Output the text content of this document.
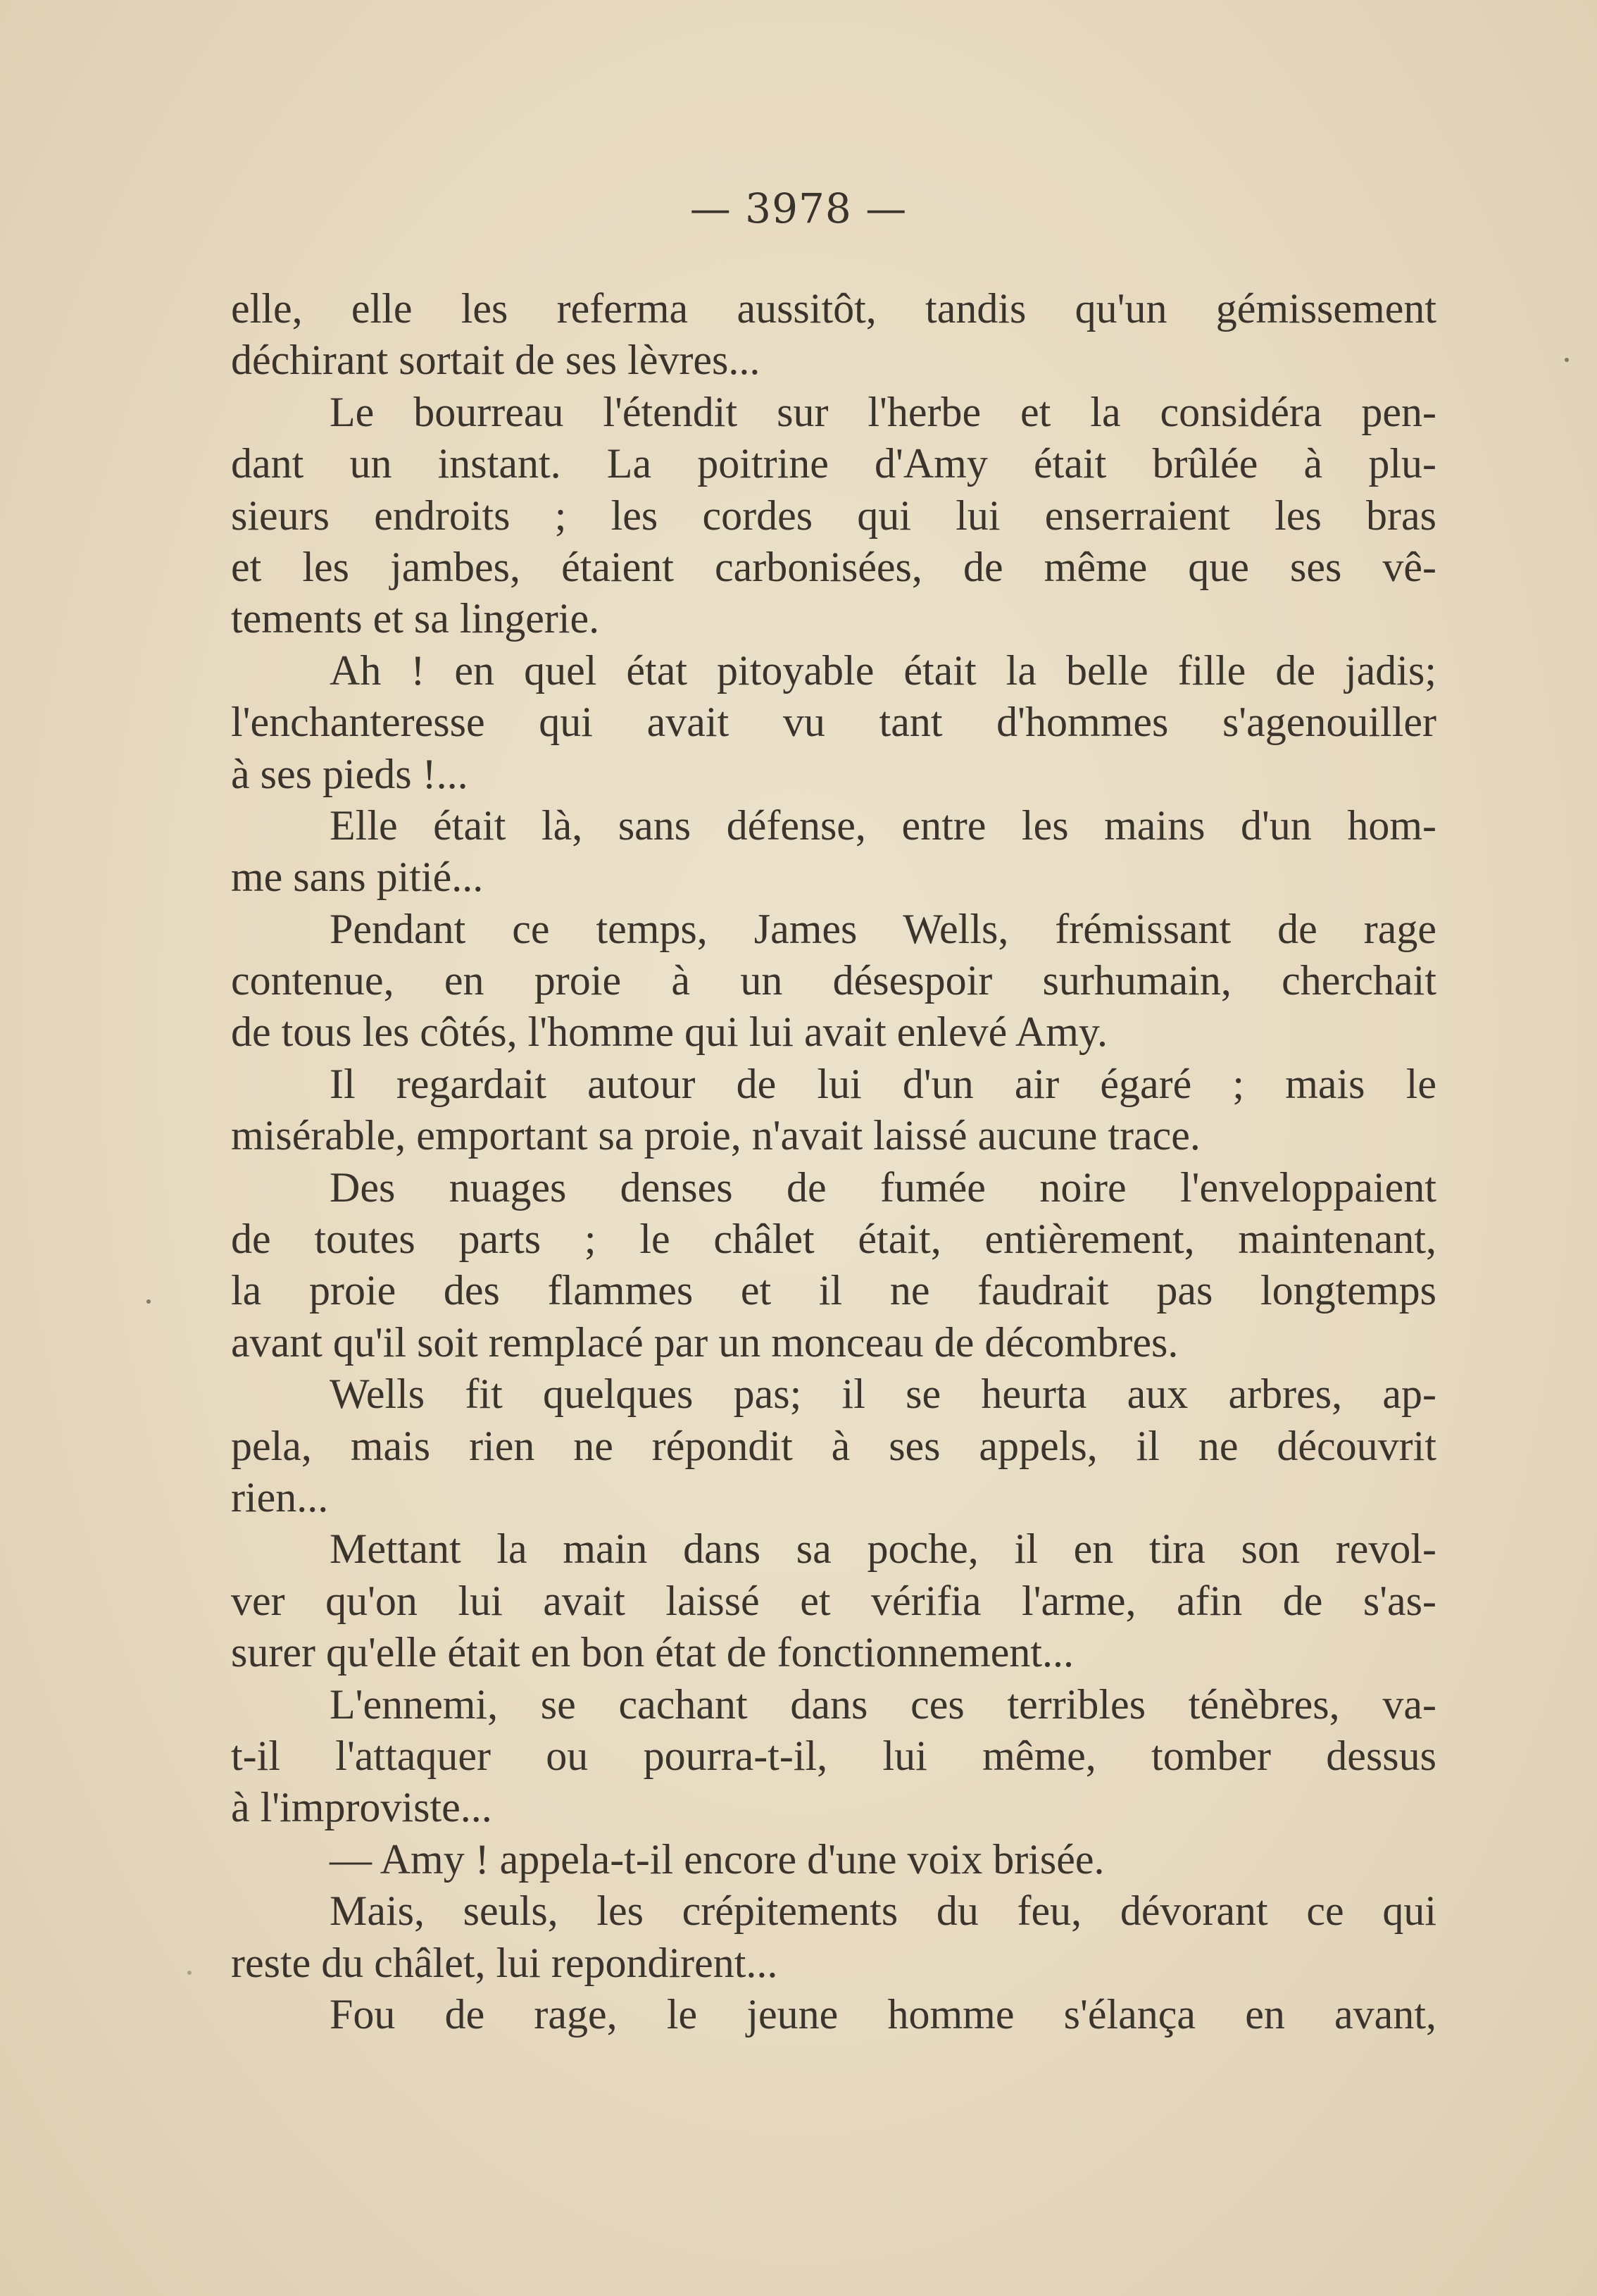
— 3978 —
elle, elle les referma aussitôt, tandis qu'un gémissement
déchirant sortait de ses lèvres...
Le bourreau l'étendit sur l'herbe et la considéra pen-
dant un instant. La poitrine d'Amy était brûlée à plu-
sieurs endroits ; les cordes qui lui enserraient les bras
et les jambes, étaient carbonisées, de même que ses vê-
tements et sa lingerie.
Ah ! en quel état pitoyable était la belle fille de jadis;
l'enchanteresse qui avait vu tant d'hommes s'agenouiller
à ses pieds !...
Elle était là, sans défense, entre les mains d'un hom-
me sans pitié...
Pendant ce temps, James Wells, frémissant de rage
contenue, en proie à un désespoir surhumain, cherchait
de tous les côtés, l'homme qui lui avait enlevé Amy.
Il regardait autour de lui d'un air égaré ; mais le
misérable, emportant sa proie, n'avait laissé aucune trace.
Des nuages denses de fumée noire l'enveloppaient
de toutes parts ; le châlet était, entièrement, maintenant,
la proie des flammes et il ne faudrait pas longtemps
avant qu'il soit remplacé par un monceau de décombres.
Wells fit quelques pas; il se heurta aux arbres, ap-
pela, mais rien ne répondit à ses appels, il ne découvrit
rien...
Mettant la main dans sa poche, il en tira son revol-
ver qu'on lui avait laissé et vérifia l'arme, afin de s'as-
surer qu'elle était en bon état de fonctionnement...
L'ennemi, se cachant dans ces terribles ténèbres, va-
t-il l'attaquer ou pourra-t-il, lui même, tomber dessus
à l'improviste...
— Amy ! appela-t-il encore d'une voix brisée.
Mais, seuls, les crépitements du feu, dévorant ce qui
reste du châlet, lui repondirent...
Fou de rage, le jeune homme s'élança en avant,
